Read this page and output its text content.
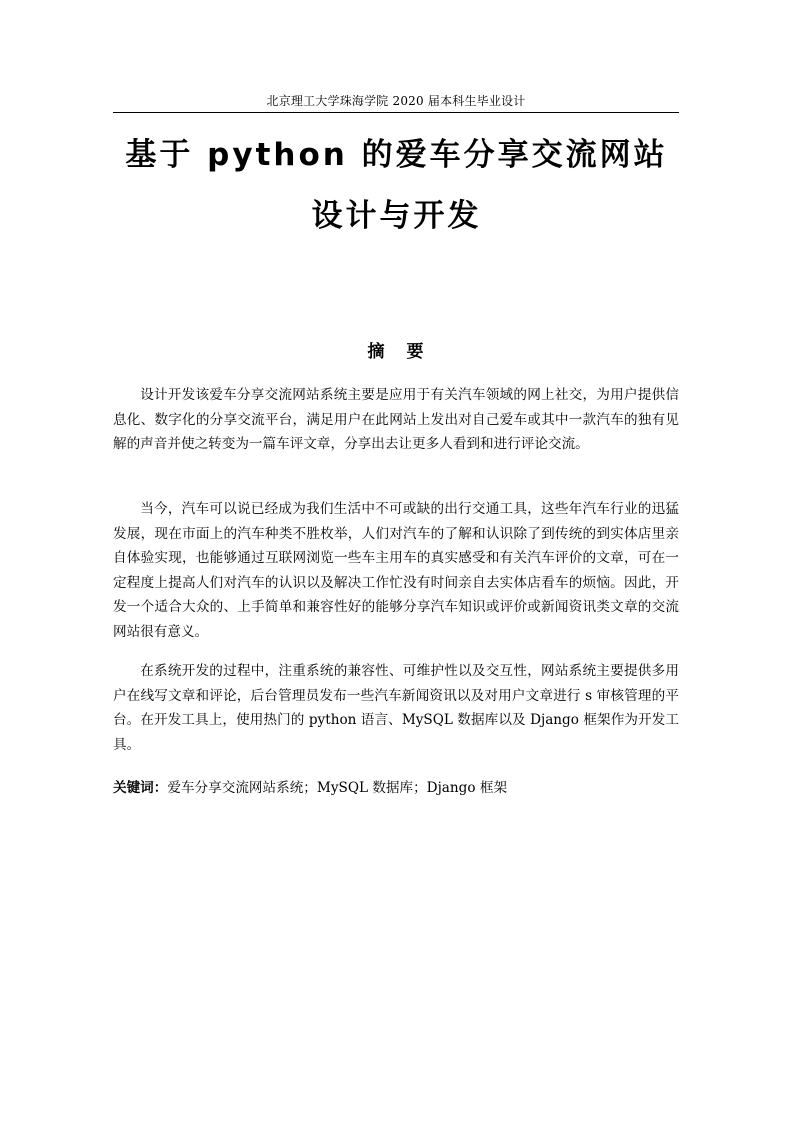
北京理工大学珠海学院 2020 届本科生毕业设计
基于 python 的爱车分享交流网站
设计与开发
摘 要

设计开发该爱车分享交流网站系统主要是应用于有关汽车领域的网上社交，为用户提供信息化、数字化的分享交流平台，满足用户在此网站上发出对自己爱车或其中一款汽车的独有见解的声音并使之转变为一篇车评文章，分享出去让更多人看到和进行评论交流。

当今，汽车可以说已经成为我们生活中不可或缺的出行交通工具，这些年汽车行业的迅猛发展，现在市面上的汽车种类不胜枚举，人们对汽车的了解和认识除了到传统的到实体店里亲自体验实现，也能够通过互联网浏览一些车主用车的真实感受和有关汽车评价的文章，可在一定程度上提高人们对汽车的认识以及解决工作忙没有时间亲自去实体店看车的烦恼。因此，开发一个适合大众的、上手简单和兼容性好的能够分享汽车知识或评价或新闻资讯类文章的交流网站很有意义。

在系统开发的过程中，注重系统的兼容性、可维护性以及交互性，网站系统主要提供多用户在线写文章和评论，后台管理员发布一些汽车新闻资讯以及对用户文章进行 s 审核管理的平台。在开发工具上，使用热门的 python 语言、MySQL 数据库以及 Django 框架作为开发工具。

关键词：爱车分享交流网站系统；MySQL 数据库；Django 框架
